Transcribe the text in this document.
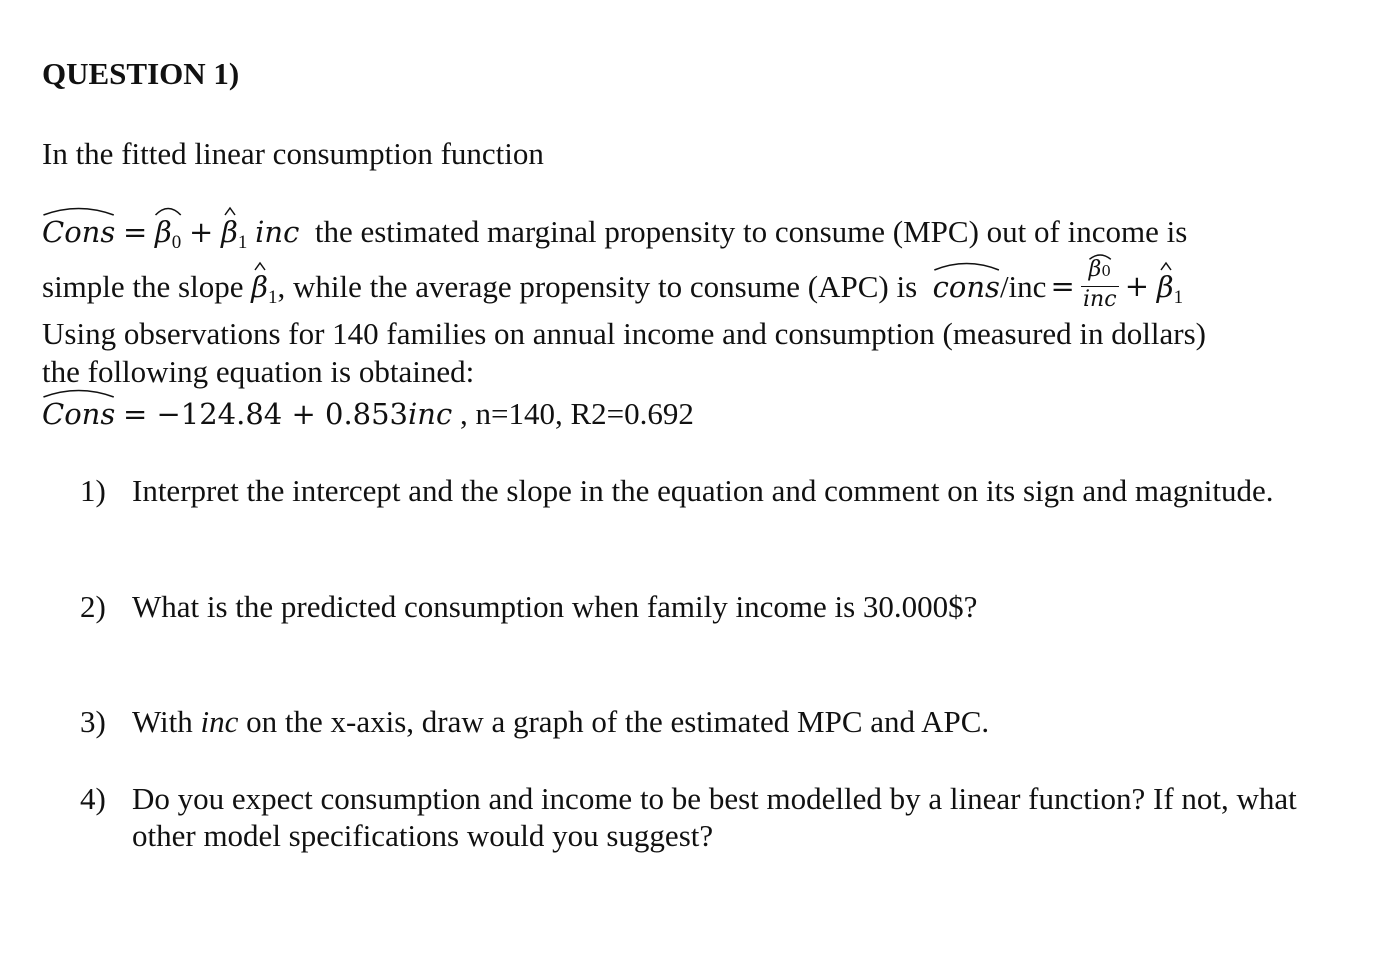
QUESTION 1)
In the fitted linear consumption function
Cons = $\beta_0 + \beta_1$ inc the estimated marginal propensity to consume (MPC) out of income is
simple the slope
$\beta_1$ , while the average propensity to consume (APC) is
cons $/inc = \frac{\beta 0}{\text{inc}}$ +
$\beta_1$
Using observations for 140 families on annual income and consumption (measured in dollars)
the following equation is obtained:
Cons = −124.84 + 0.853inc , n=140, R2=0.692
1) Interpret the intercept and the slope in the equation and comment on its sign and magnitude.
2) What is the predicted consumption when family income is 30.000$?
3) With inc on the x-axis, draw a graph of the estimated MPC and APC.
4) Do you expect consumption and income to be best modelled by a linear function? If not, what other model specifications would you suggest?
